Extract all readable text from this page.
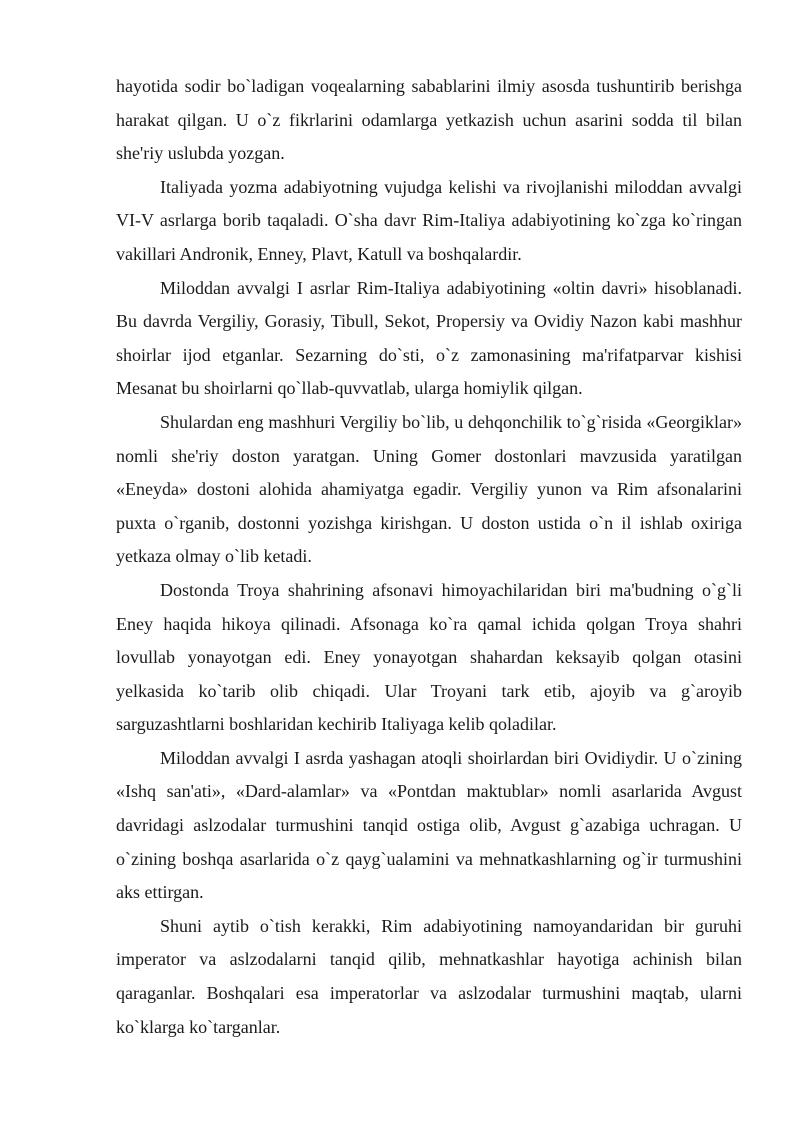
hayotida sodir bo`ladigan voqealarning sabablarini ilmiy asosda tushuntirib berishga harakat qilgan. U o`z fikrlarini odamlarga yetkazish uchun asarini sodda til bilan she'riy uslubda yozgan.

Italiyada yozma adabiyotning vujudga kelishi va rivojlanishi miloddan avvalgi VI-V asrlarga borib taqaladi. O`sha davr Rim-Italiya adabiyotining ko`zga ko`ringan vakillari Andronik, Enney, Plavt, Katull va boshqalardir.

Miloddan avvalgi I asrlar Rim-Italiya adabiyotining «oltin davri» hisoblanadi. Bu davrda Vergiliy, Gorasiy, Tibull, Sekot, Propersiy va Ovidiy Nazon kabi mashhur shoirlar ijod etganlar. Sezarning do`sti, o`z zamonasining ma'rifatparvar kishisi Mesanat bu shoirlarni qo`llab-quvvatlab, ularga homiylik qilgan.

Shulardan eng mashhuri Vergiliy bo`lib, u dehqonchilik to`g`risida «Georgiklar» nomli she'riy doston yaratgan. Uning Gomer dostonlari mavzusida yaratilgan «Eneyda» dostoni alohida ahamiyatga egadir. Vergiliy yunon va Rim afsonalarini puxta o`rganib, dostonni yozishga kirishgan. U doston ustida o`n il ishlab oxiriga yetkaza olmay o`lib ketadi.

Dostonda Troya shahrining afsonavi himoyachilaridan biri ma'budning o`g`li Eney haqida hikoya qilinadi. Afsonaga ko`ra qamal ichida qolgan Troya shahri lovullab yonayotgan edi. Eney yonayotgan shahardan keksayib qolgan otasini yelkasida ko`tarib olib chiqadi. Ular Troyani tark etib, ajoyib va g`aroyib sarguzashtlarni boshlaridan kechirib Italiyaga kelib qoladilar.

Miloddan avvalgi I asrda yashagan atoqli shoirlardan biri Ovidiydir. U o`zining «Ishq san'ati», «Dard-alamlar» va «Pontdan maktublar» nomli asarlarida Avgust davridagi aslzodalar turmushini tanqid ostiga olib, Avgust g`azabiga uchragan. U o`zining boshqa asarlarida o`z qayg`ualamini va mehnatkashlarning og`ir turmushini aks ettirgan.

Shuni aytib o`tish kerakki, Rim adabiyotining namoyandaridan bir guruhi imperator va aslzodalarni tanqid qilib, mehnatkashlar hayotiga achinish bilan qaraganlar. Boshqalari esa imperatorlar va aslzodalar turmushini maqtab, ularni ko`klarga ko`targanlar.
